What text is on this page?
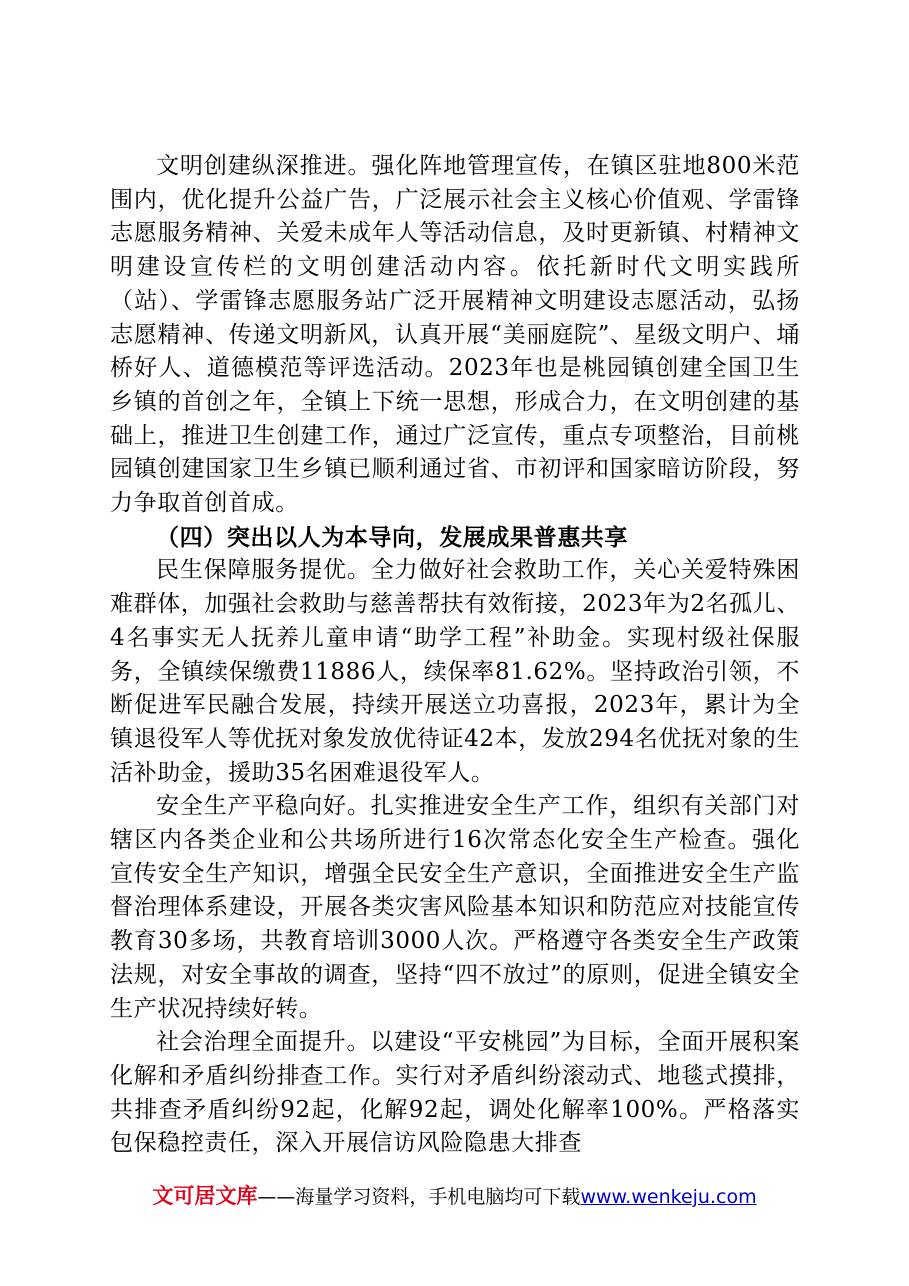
文明创建纵深推进。强化阵地管理宣传，在镇区驻地800米范围内，优化提升公益广告，广泛展示社会主义核心价值观、学雷锋志愿服务精神、关爱未成年人等活动信息，及时更新镇、村精神文明建设宣传栏的文明创建活动内容。依托新时代文明实践所（站）、学雷锋志愿服务站广泛开展精神文明建设志愿活动，弘扬志愿精神、传递文明新风，认真开展“美丽庭院”、星级文明户、埇桥好人、道德模范等评选活动。2023年也是桃园镇创建全国卫生乡镇的首创之年，全镇上下统一思想，形成合力，在文明创建的基础上，推进卫生创建工作，通过广泛宣传，重点专项整治，目前桃园镇创建国家卫生乡镇已顺利通过省、市初评和国家暗访阶段，努力争取首创首成。

（四）突出以人为本导向，发展成果普惠共享

民生保障服务提优。全力做好社会救助工作，关心关爱特殊困难群体，加强社会救助与慈善帮扶有效衔接，2023年为2名孤儿、4名事实无人抚养儿童申请“助学工程”补助金。实现村级社保服务，全镇续保缴费11886人，续保率81.62%。坚持政治引领，不断促进军民融合发展，持续开展送立功喜报，2023年，累计为全镇退役军人等优抚对象发放优待证42本，发放294名优抚对象的生活补助金，援助35名困难退役军人。

安全生产平稳向好。扎实推进安全生产工作，组织有关部门对辖区内各类企业和公共场所进行16次常态化安全生产检查。强化宣传安全生产知识，增强全民安全生产意识，全面推进安全生产监督治理体系建设，开展各类灾害风险基本知识和防范应对技能宣传教育30多场，共教育培训3000人次。严格遵守各类安全生产政策法规，对安全事故的调查，坚持“四不放过”的原则，促进全镇安全生产状况持续好转。

社会治理全面提升。以建设“平安桃园”为目标，全面开展积案化解和矛盾纠纷排查工作。实行对矛盾纠纷滚动式、地毯式摸排，共排查矛盾纠纷92起，化解92起，调处化解率100%。严格落实包保稳控责任，深入开展信访风险隐患大排查

文可居文库——海量学习资料，手机电脑均可下载www.wenkeju.com
